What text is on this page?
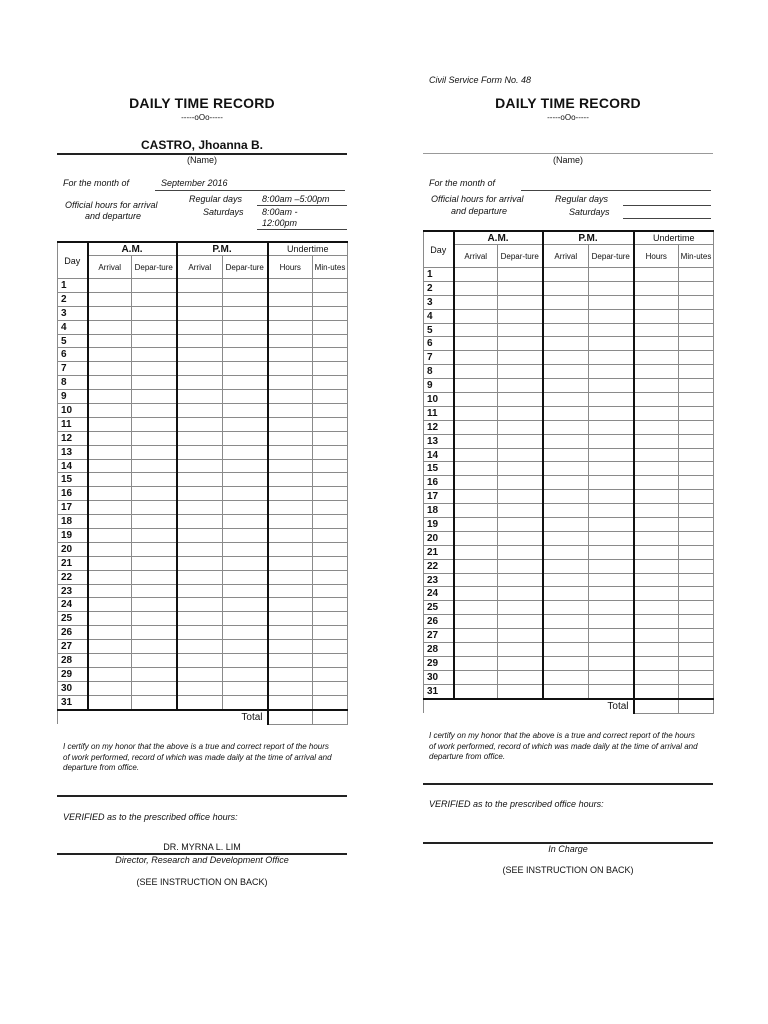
DAILY TIME RECORD
-----oOo-----
CASTRO, Jhoanna B.
(Name)
For the month of	September 2016
Official hours for arrival
and departure
Regular days 8:00am –5:00pm
Saturdays 8:00am -
12:00pm
Day	A.M.		P.M.		Undertime	
	Arrival	Depar-ture	Arrival	Depar-ture	Hours	Min-utes
1						
2						
3						
4						
5						
6						
7						
8						
9						
10						
11						
12						
13						
14						
15						
16						
17						
18						
19						
20						
21						
22						
23						
24						
25						
26						
27						
28						
29						
30						
31						
Total						
I certify on my honor that the above is a true and correct report of the hours of work performed, record of which was made daily at the time of arrival and departure from office.
VERIFIED as to the prescribed office hours:
DR. MYRNA L. LIM
Director, Research and Development Office
(SEE INSTRUCTION ON BACK)
Civil Service Form No. 48
DAILY TIME RECORD
-----oOo-----
(Name)
For the month of
Official hours for arrival
and departure
Regular days
Saturdays
Day	A.M.		P.M.		Undertime	
	Arrival	Depar-ture	Arrival	Depar-ture	Hours	Min-utes
1						
2						
3						
4						
5						
6						
7						
8						
9						
10						
11						
12						
13						
14						
15						
16						
17						
18						
19						
20						
21						
22						
23						
24						
25						
26						
27						
28						
29						
30						
31						
Total						
I certify on my honor that the above is a true and correct report of the hours of work performed, record of which was made daily at the time of arrival and departure from office.
VERIFIED as to the prescribed office hours:
In Charge
(SEE INSTRUCTION ON BACK)
